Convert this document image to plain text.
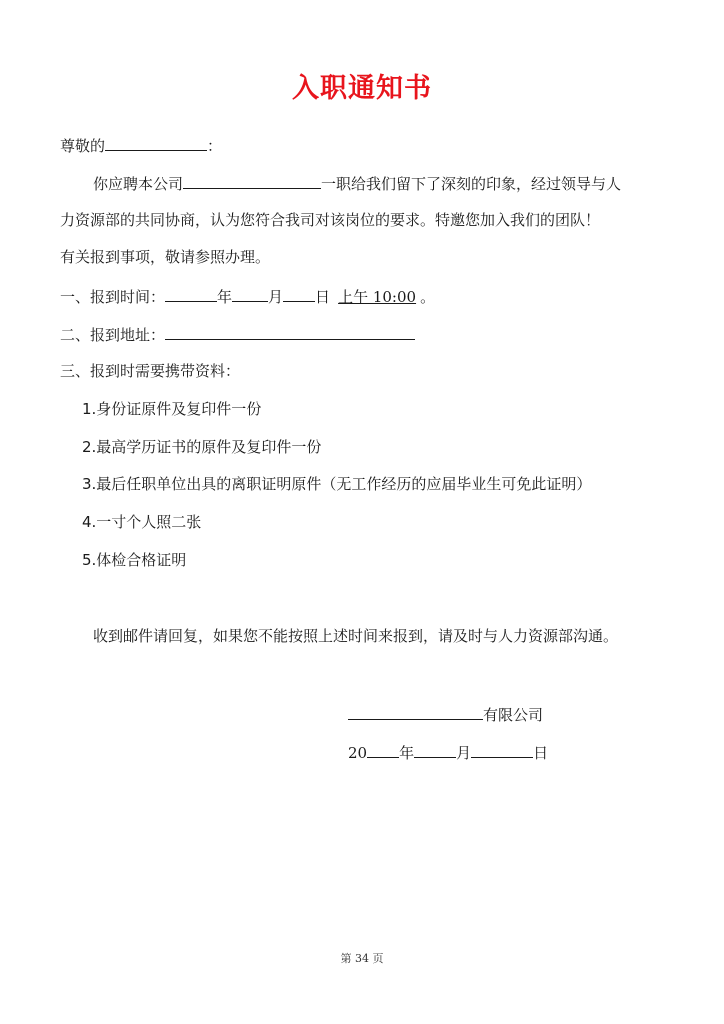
入职通知书
尊敬的	：
你应聘本公司	一职给我们留下了深刻的印象，经过领导与人
力资源部的共同协商，认为您符合我司对该岗位的要求。特邀您加入我们的团队！
有关报到事项，敬请参照办理。
一、报到时间：	年 月 日 上午 10:00 。
二、报到地址：
三、报到时需要携带资料：
1.身份证原件及复印件一份
2.最高学历证书的原件及复印件一份
3.最后任职单位出具的离职证明原件（无工作经历的应届毕业生可免此证明）
4.一寸个人照二张
5.体检合格证明
收到邮件请回复，如果您不能按照上述时间来报到，请及时与人力资源部沟通。
有限公司
20 年	月	日
第 34 页
